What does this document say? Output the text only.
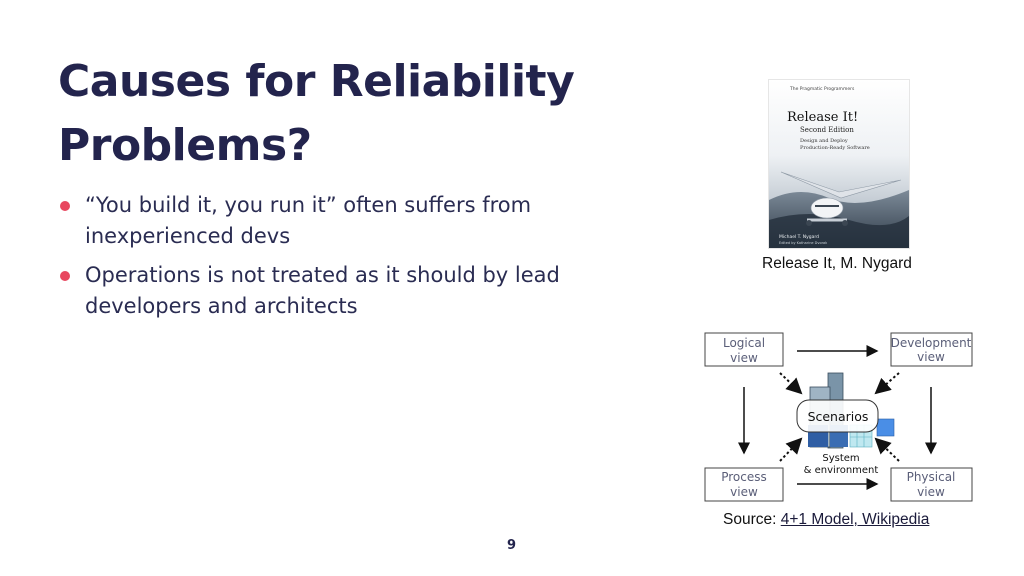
Causes for Reliability
Problems?
“You build it, you run it” often suffers from inexperienced devs
Operations is not treated as it should by lead developers and architects
The Pragmatic Programmers
Release It!
Second Edition
Design and Deploy
Production-Ready Software
Michael T. Nygard
Edited by Katharine Dvorak
Release It, M. Nygard
Logical
view
Development
view
Process
view
Physical
view
Scenarios
System
& environment
Source: 4+1 Model, Wikipedia
9
